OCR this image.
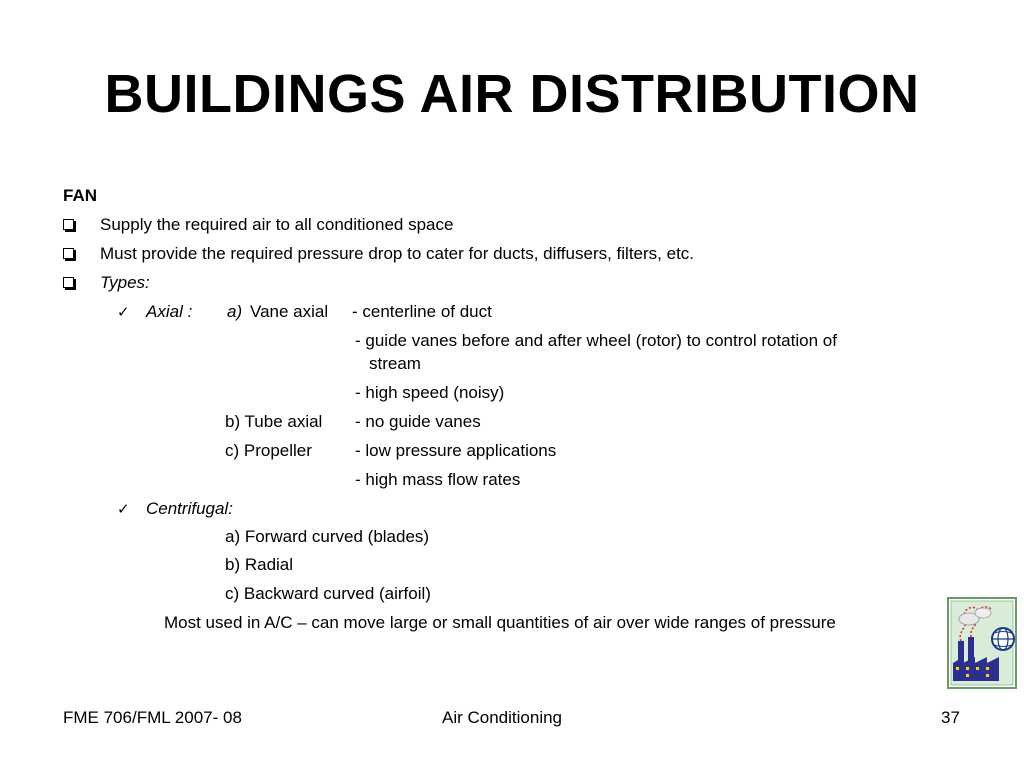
BUILDINGS AIR DISTRIBUTION
FAN
Supply the required air to all conditioned space
Must provide the required pressure drop to cater for ducts, diffusers, filters, etc.
Types:
✓ Axial : a) Vane axial - centerline of duct
- guide vanes before and after wheel (rotor) to control rotation of
stream
- high speed (noisy)
b) Tube axial - no guide vanes
c) Propeller	- low pressure applications
- high mass flow rates
✓ Centrifugal:
a) Forward curved (blades)
b) Radial
c) Backward curved (airfoil)
Most used in A/C – can move large or small quantities of air over wide ranges of pressure
FME 706/FML 2007- 08	Air Conditioning	37
